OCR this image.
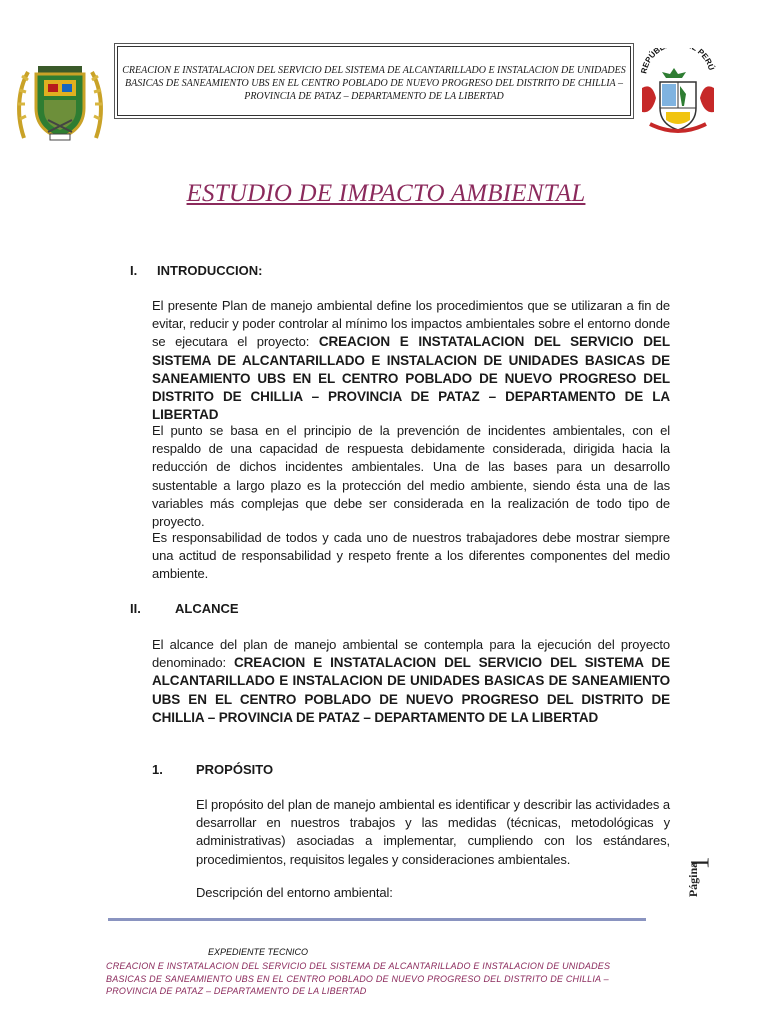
CREACION E INSTATALACION DEL SERVICIO DEL SISTEMA DE ALCANTARILLADO E INSTALACION DE UNIDADES

BASICAS DE SANEAMIENTO UBS EN EL CENTRO POBLADO DE NUEVO PROGRESO DEL DISTRITO DE CHILLIA –

PROVINCIA DE PATAZ – DEPARTAMENTO DE LA LIBERTAD

REPÚB PERÚ
ESTUDIO DE IMPACTO AMBIENTAL
I. INTRODUCCION:

El presente Plan de manejo ambiental define los procedimientos que se utilizaran a fin de evitar, reducir y poder controlar al mínimo los impactos ambientales sobre el entorno donde se ejecutara el proyecto: CREACION E INSTATALACION DEL SERVICIO DEL SISTEMA DE ALCANTARILLADO E INSTALACION DE UNIDADES BASICAS DE SANEAMIENTO UBS EN EL CENTRO POBLADO DE NUEVO PROGRESO DEL DISTRITO DE CHILLIA – PROVINCIA DE PATAZ – DEPARTAMENTO DE LA LIBERTAD

El punto se basa en el principio de la prevención de incidentes ambientales, con el respaldo de una capacidad de respuesta debidamente considerada, dirigida hacia la reducción de dichos incidentes ambientales. Una de las bases para un desarrollo sustentable a largo plazo es la protección del medio ambiente, siendo ésta una de las variables más complejas que debe ser considerada en la realización de todo tipo de proyecto.

Es responsabilidad de todos y cada uno de nuestros trabajadores debe mostrar siempre una actitud de responsabilidad y respeto frente a los diferentes componentes del medio ambiente.

II.	ALCANCE

El alcance del plan de manejo ambiental se contempla para la ejecución del proyecto denominado: CREACION E INSTATALACION DEL SERVICIO DEL SISTEMA DE ALCANTARILLADO E INSTALACION DE UNIDADES BASICAS DE SANEAMIENTO UBS EN EL CENTRO POBLADO DE NUEVO PROGRESO DEL DISTRITO DE CHILLIA – PROVINCIA DE PATAZ – DEPARTAMENTO DE LA LIBERTAD

1.	PROPÓSITO

El propósito del plan de manejo ambiental es identificar y describir las actividades a desarrollar en nuestros trabajos y las medidas (técnicas, metodológicas y administrativas) asociadas a implementar, cumpliendo con los estándares, procedimientos, requisitos legales y consideraciones ambientales.

Descripción del entorno ambiental:

1
Página
EXPEDIENTE TECNICO
CREACION E INSTATALACION DEL SERVICIO DEL SISTEMA DE ALCANTARILLADO E INSTALACION DE UNIDADES
BASICAS DE SANEAMIENTO UBS EN EL CENTRO POBLADO DE NUEVO PROGRESO DEL DISTRITO DE CHILLIA –
PROVINCIA DE PATAZ – DEPARTAMENTO DE LA LIBERTAD
